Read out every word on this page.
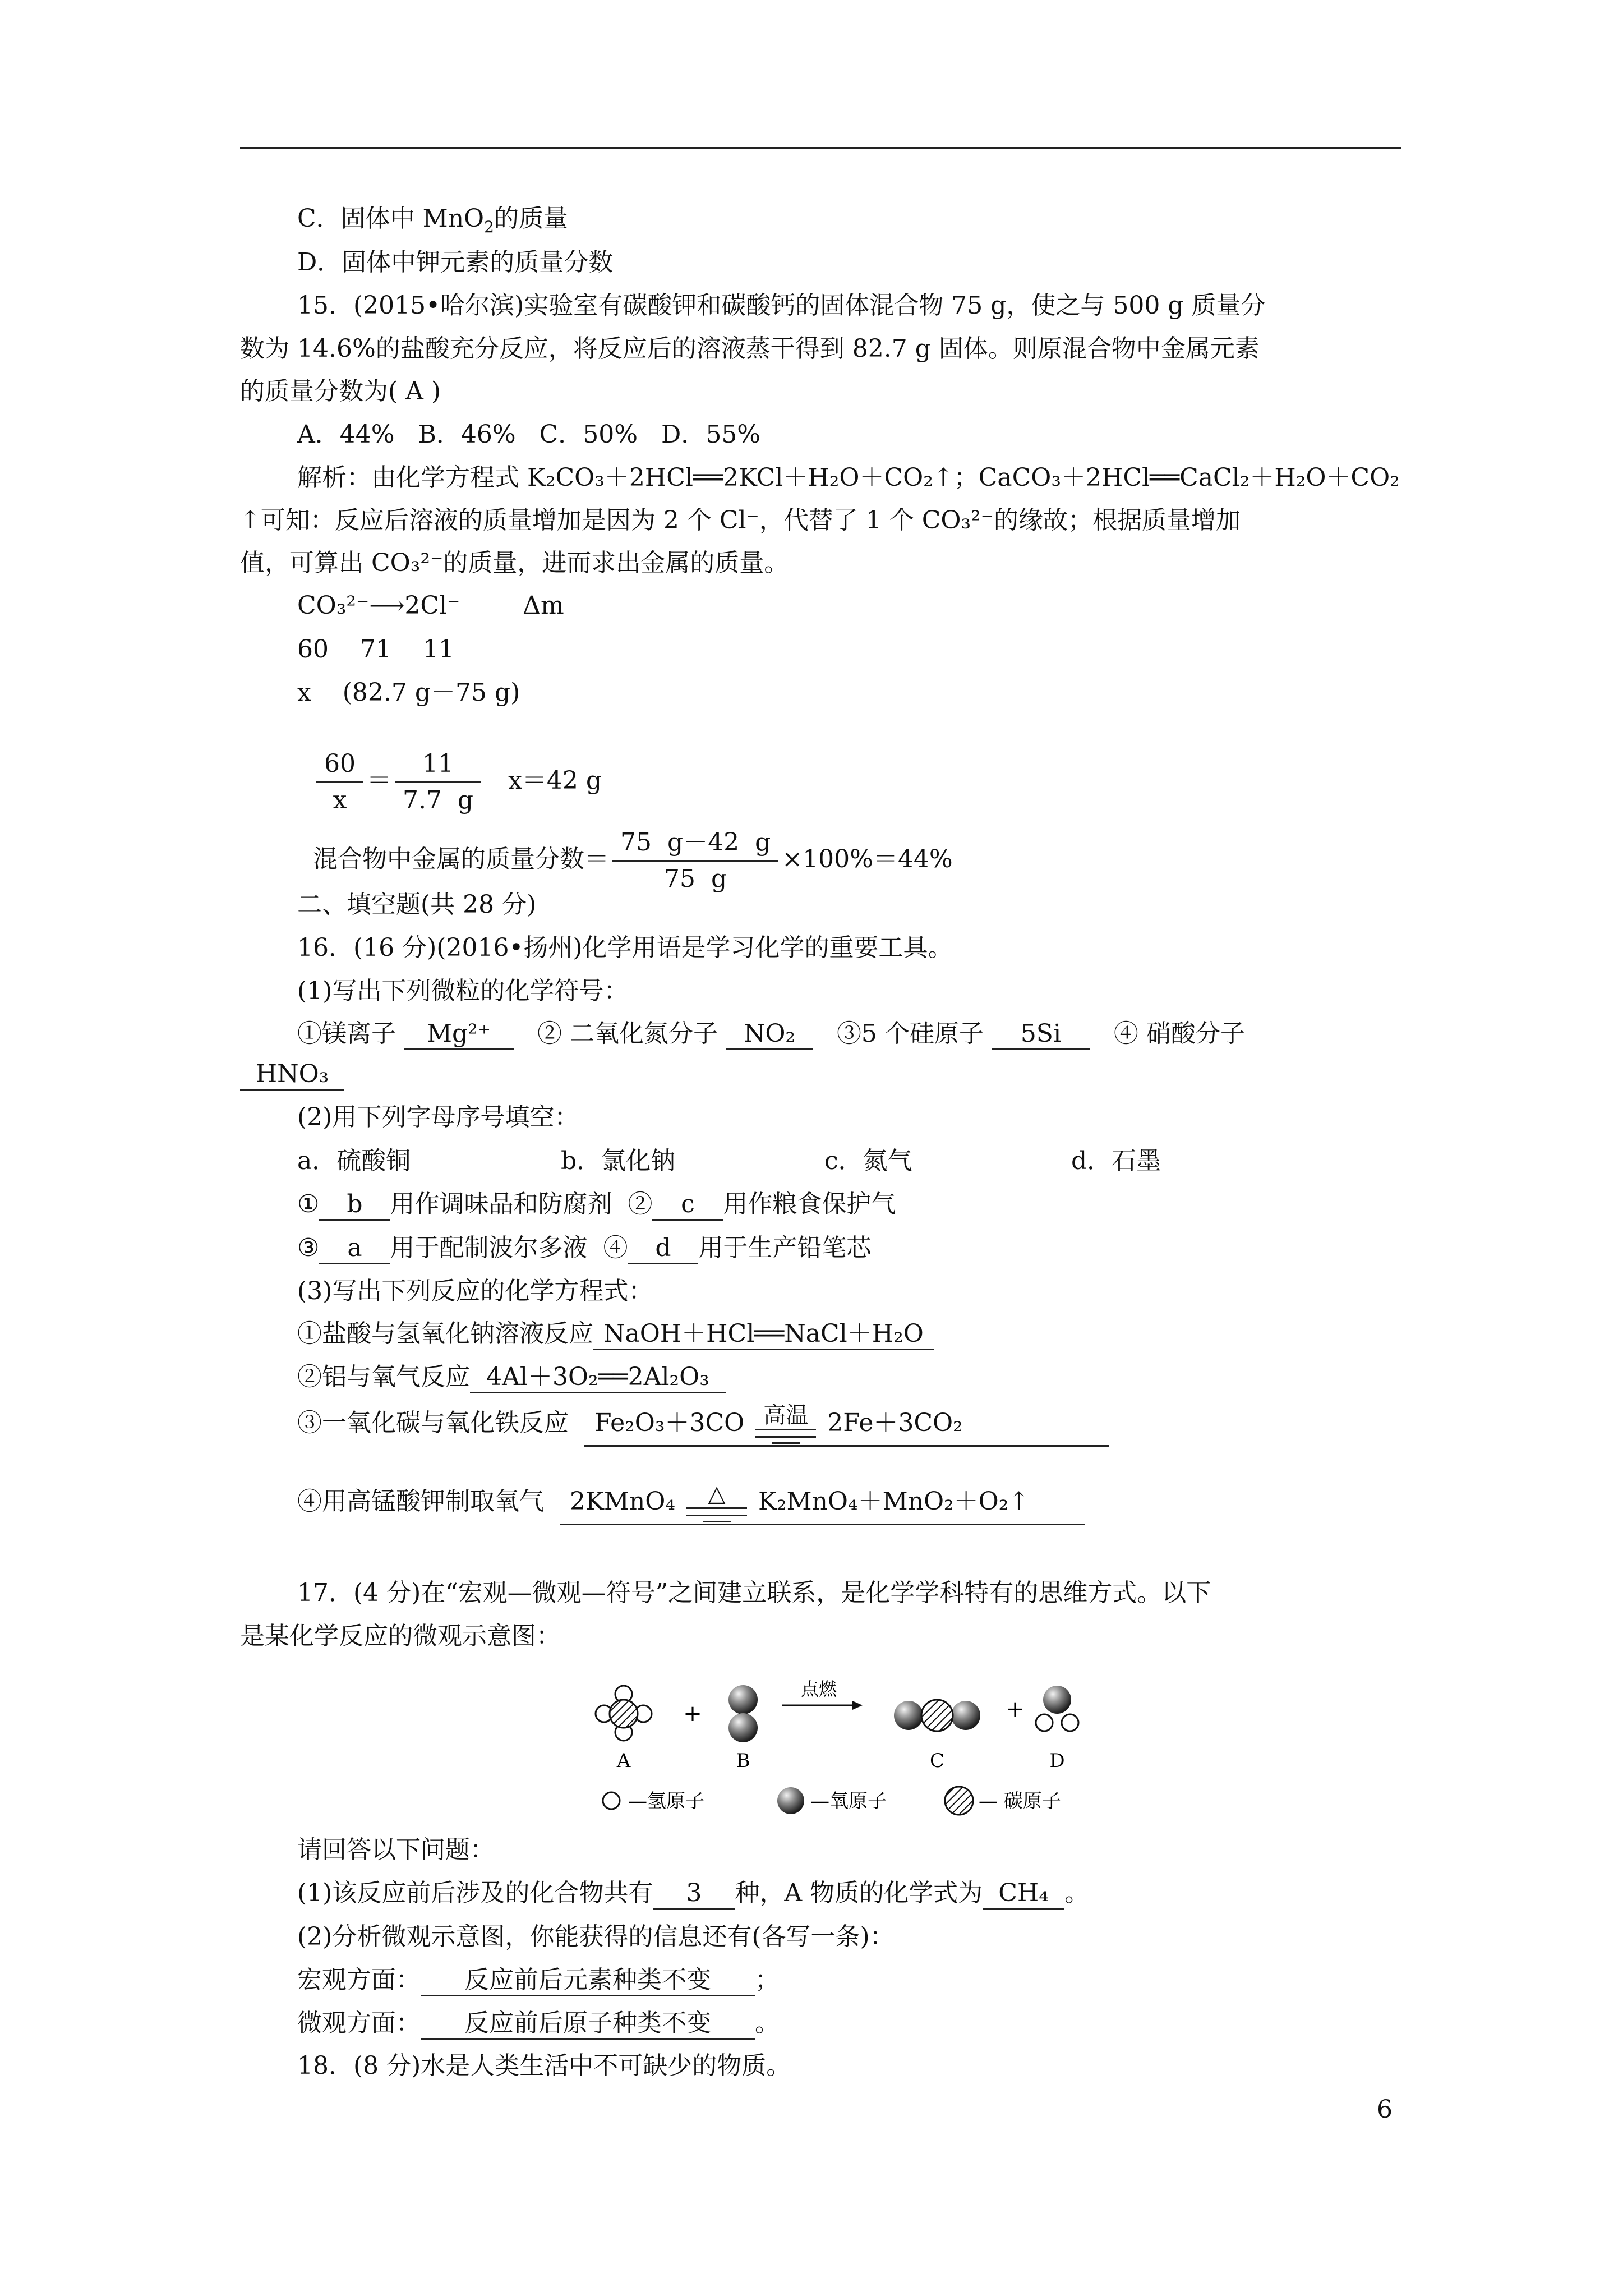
C．固体中 MnO$_2$的质量
D．固体中钾元素的质量分数
15．(2015•哈尔滨)实验室有碳酸钾和碳酸钙的固体混合物 75 g，使之与 500 g 质量分
数为 14.6%的盐酸充分反应，将反应后的溶液蒸干得到 82.7 g 固体。则原混合物中金属元素
的质量分数为( A )
A．44%   B．46%   C．50%   D．55%
解析：由化学方程式 K₂CO₃＋2HCl══2KCl＋H₂O＋CO₂↑；CaCO₃＋2HCl══CaCl₂＋H₂O＋CO₂
↑可知：反应后溶液的质量增加是因为 2 个 Cl⁻，代替了 1 个 CO₃²⁻的缘故；根据质量增加
值，可算出 CO₃²⁻的质量，进而求出金属的质量。
CO₃²⁻⟶2Cl⁻        Δm
60    71    11
x    (82.7 g－75 g)

$\frac{60}{x} = \frac{11}{7.7 g} x=42$ g

混合物中金属的质量分数＝ $\frac{75 g-42 g}{75 g} \times 100\%=44\%$

二、填空题(共 28 分)
16．(16 分)(2016•扬州)化学用语是学习化学的重要工具。
(1)写出下列微粒的化学符号：
①镁离子 Mg²⁺ ② 二氧化氮分子 NO₂ ③5 个硅原子 5Si ④ 硝酸分子
HNO₃
(2)用下列字母序号填空：
a．硫酸铜	b．氯化钠	c．氮气	d．石墨
① b 用作调味品和防腐剂 ② c 用作粮食保护气
③ a 用于配制波尔多液 ④ d 用于生产铅笔芯
(3)写出下列反应的化学方程式：
①盐酸与氢氧化钠溶液反应 NaOH＋HCl══NaCl＋H₂O
②铝与氧气反应 4Al＋3O₂══2Al₂O₃
③一氧化碳与氧化铁反应 Fe₂O₃＋3CO 高温 2Fe＋3CO₂
④用高锰酸钾制取氧气 2KMnO₄	△	K₂MnO₄＋MnO₂＋O₂↑
17．(4 分)在“宏观—微观—符号”之间建立联系，是化学学科特有的思维方式。以下
是某化学反应的微观示意图：
A
+
B
点燃
C
+
D
—氢原子	—氧原子	— 碳原子
请回答以下问题：
(1)该反应前后涉及的化合物共有 3 种，A 物质的化学式为 CH₄ 。
(2)分析微观示意图，你能获得的信息还有(各写一条)：
宏观方面： 反应前后元素种类不变 ；
微观方面： 反应前后原子种类不变 。
18．(8 分)水是人类生活中不可缺少的物质。
6
